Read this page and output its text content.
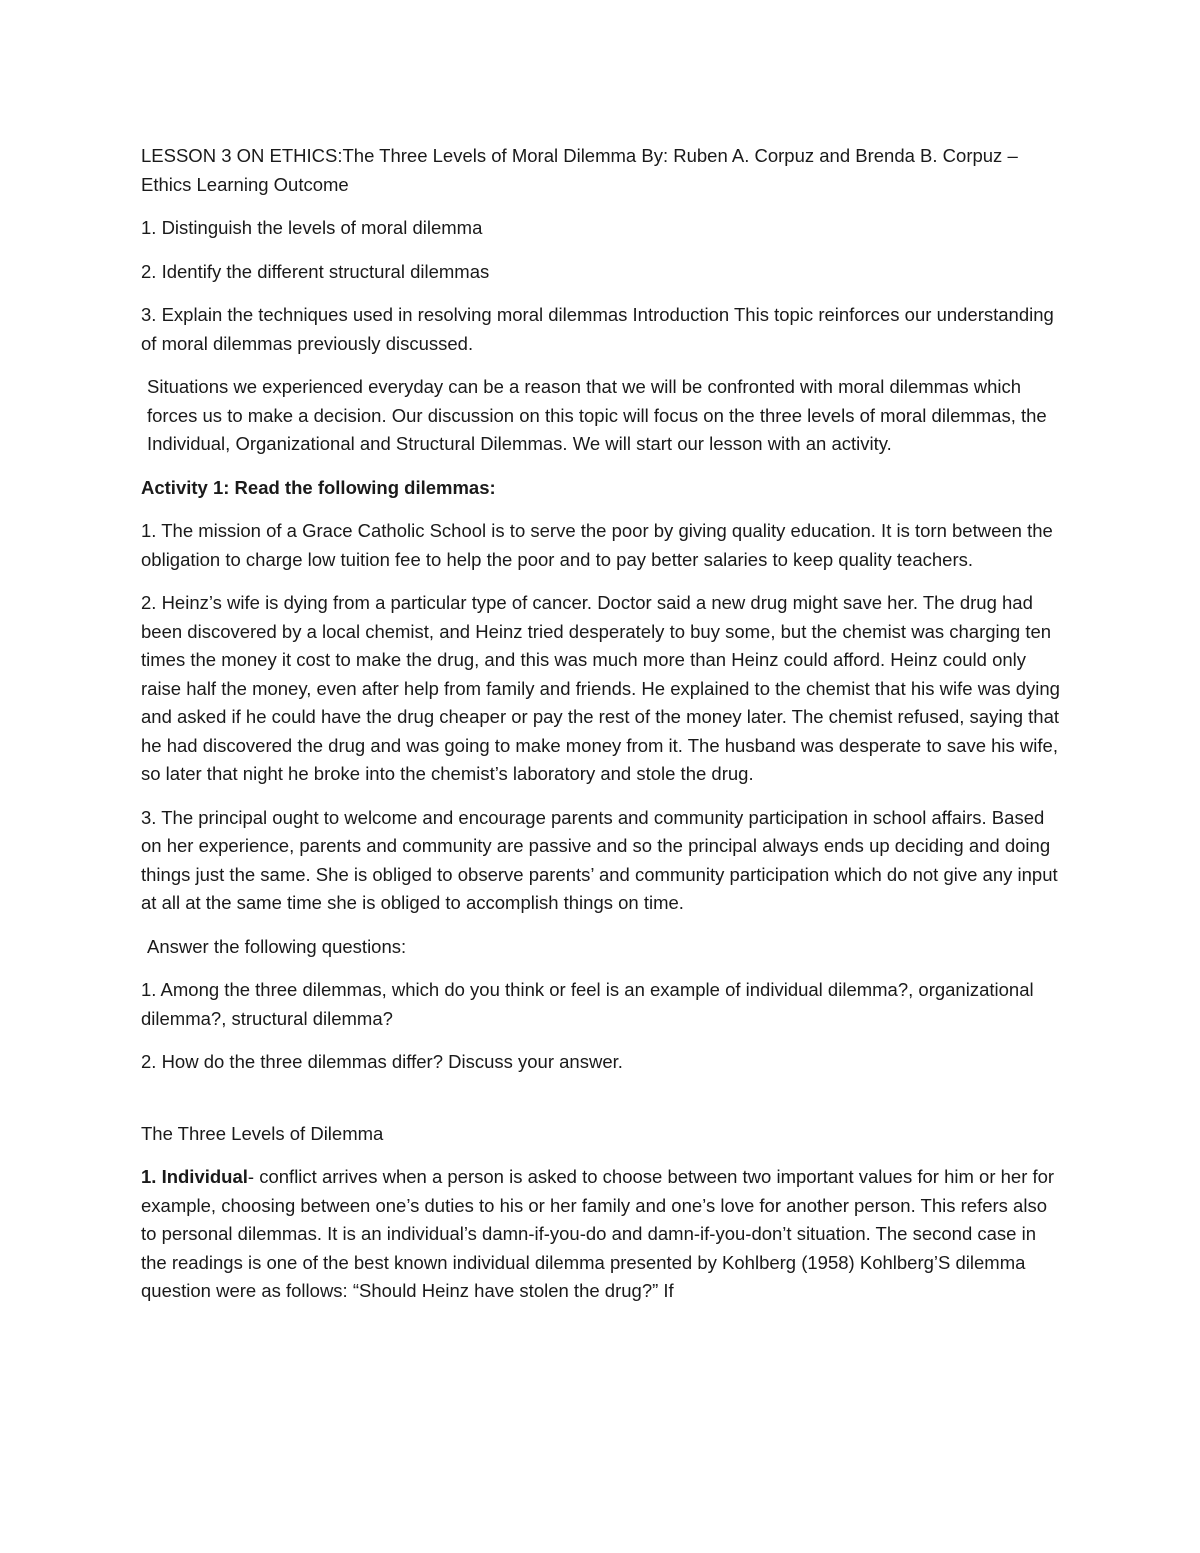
LESSON 3 ON ETHICS:The Three Levels of Moral Dilemma By: Ruben A. Corpuz and Brenda B. Corpuz – Ethics Learning Outcome

1. Distinguish the levels of moral dilemma

2. Identify the different structural dilemmas

3. Explain the techniques used in resolving moral dilemmas Introduction This topic reinforces our understanding of moral dilemmas previously discussed.

Situations we experienced everyday can be a reason that we will be confronted with moral dilemmas which forces us to make a decision. Our discussion on this topic will focus on the three levels of moral dilemmas, the Individual, Organizational and Structural Dilemmas. We will start our lesson with an activity.

Activity 1: Read the following dilemmas:

1. The mission of a Grace Catholic School is to serve the poor by giving quality education. It is torn between the obligation to charge low tuition fee to help the poor and to pay better salaries to keep quality teachers.

2. Heinz’s wife is dying from a particular type of cancer. Doctor said a new drug might save her. The drug had been discovered by a local chemist, and Heinz tried desperately to buy some, but the chemist was charging ten times the money it cost to make the drug, and this was much more than Heinz could afford. Heinz could only raise half the money, even after help from family and friends. He explained to the chemist that his wife was dying and asked if he could have the drug cheaper or pay the rest of the money later. The chemist refused, saying that he had discovered the drug and was going to make money from it. The husband was desperate to save his wife, so later that night he broke into the chemist’s laboratory and stole the drug.

3. The principal ought to welcome and encourage parents and community participation in school affairs. Based on her experience, parents and community are passive and so the principal always ends up deciding and doing things just the same. She is obliged to observe parents’ and community participation which do not give any input at all at the same time she is obliged to accomplish things on time.

Answer the following questions:

1. Among the three dilemmas, which do you think or feel is an example of individual dilemma?, organizational dilemma?, structural dilemma?

2. How do the three dilemmas differ? Discuss your answer.

The Three Levels of Dilemma

1. Individual- conflict arrives when a person is asked to choose between two important values for him or her for example, choosing between one’s duties to his or her family and one’s love for another person. This refers also to personal dilemmas. It is an individual’s damn-if-you-do and damn-if-you-don’t situation. The second case in the readings is one of the best known individual dilemma presented by Kohlberg (1958) Kohlberg’S dilemma question were as follows: “Should Heinz have stolen the drug?” If
